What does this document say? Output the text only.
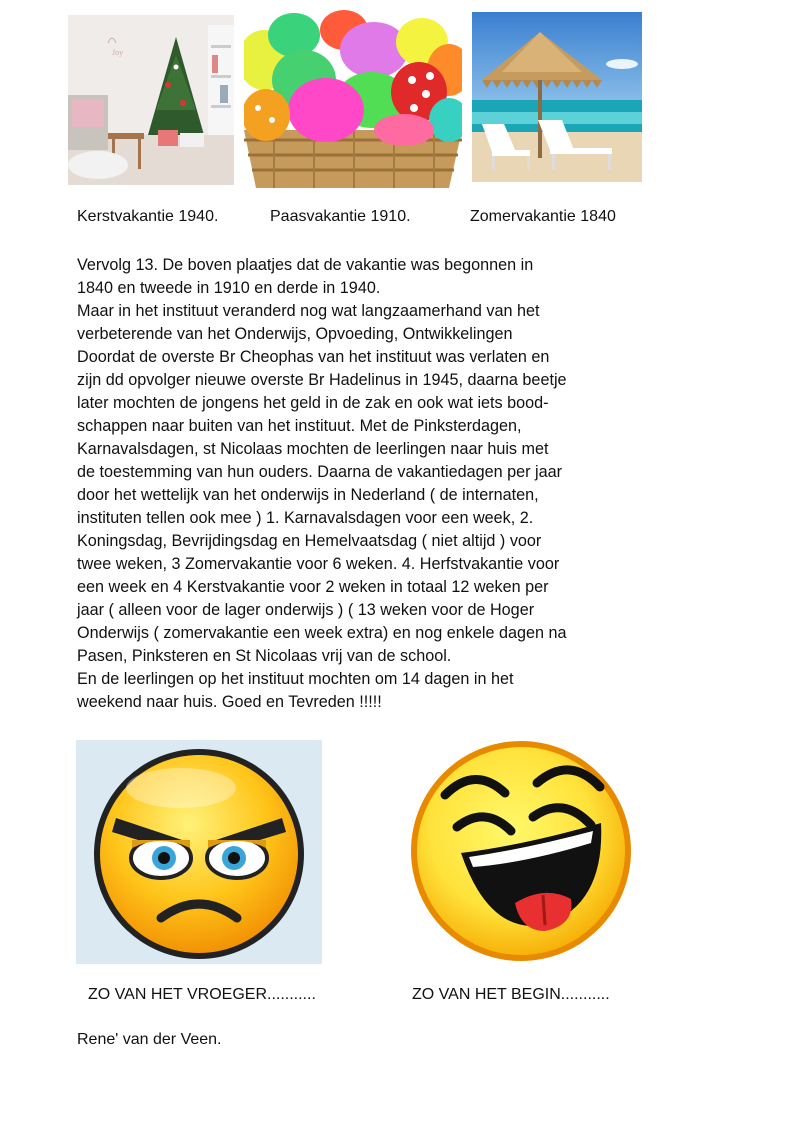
Joy
Kerstvakantie 1940.	Paasvakantie 1910.	Zomervakantie 1840

Vervolg 13. De boven plaatjes dat de vakantie was begonnen in
1840 en tweede in 1910 en derde in 1940.
Maar in het instituut veranderd nog wat langzaamerhand van het
verbeterende van het Onderwijs, Opvoeding, Ontwikkelingen
Doordat de overste Br Cheophas van het instituut was verlaten en
zijn dd opvolger nieuwe overste Br Hadelinus in 1945, daarna beetje
later mochten de jongens het geld in de zak en ook wat iets bood-
schappen naar buiten van het instituut. Met de Pinksterdagen,
Karnavalsdagen, st Nicolaas mochten de leerlingen naar huis met
de toestemming van hun ouders. Daarna de vakantiedagen per jaar
door het wettelijk van het onderwijs in Nederland ( de internaten,
instituten tellen ook mee ) 1. Karnavalsdagen voor een week, 2.
Koningsdag, Bevrijdingsdag en Hemelvaatsdag ( niet altijd ) voor
twee weken, 3 Zomervakantie voor 6 weken. 4. Herfstvakantie voor
een week en 4 Kerstvakantie voor 2 weken in totaal 12 weken per
jaar ( alleen voor de lager onderwijs ) ( 13 weken voor de Hoger
Onderwijs ( zomervakantie een week extra) en nog enkele dagen na
Pasen, Pinksteren en St Nicolaas vrij van de school.
En de leerlingen op het instituut mochten om 14 dagen in het
weekend naar huis. Goed en Tevreden !!!!!

ZO VAN HET VROEGER...........	ZO VAN HET BEGIN...........
Rene' van der Veen.
